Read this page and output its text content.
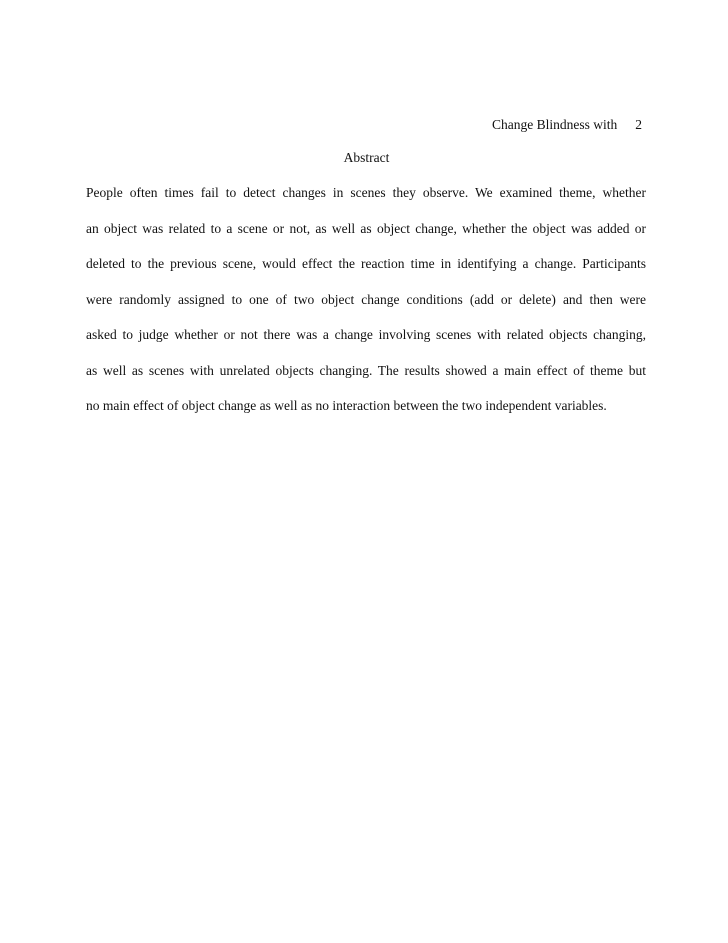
Change Blindness with 2
Abstract
People often times fail to detect changes in scenes they observe. We examined theme, whether
an object was related to a scene or not, as well as object change, whether the object was added or
deleted to the previous scene, would effect the reaction time in identifying a change. Participants
were randomly assigned to one of two object change conditions (add or delete) and then were
asked to judge whether or not there was a change involving scenes with related objects changing,
as well as scenes with unrelated objects changing. The results showed a main effect of theme but
no main effect of object change as well as no interaction between the two independent variables.
